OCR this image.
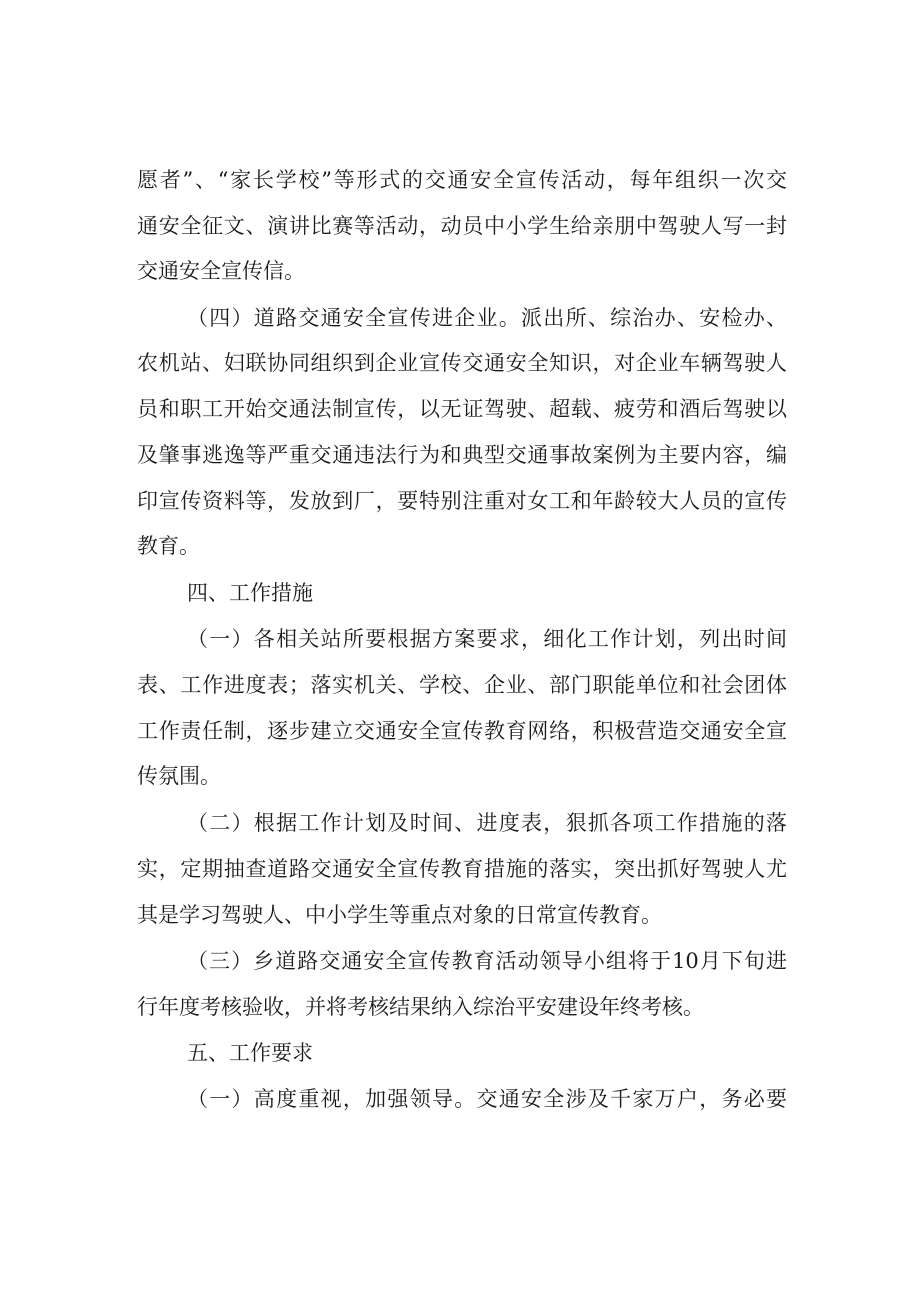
愿者”、“家长学校”等形式的交通安全宣传活动，每年组织一次交
通安全征文、演讲比赛等活动，动员中小学生给亲朋中驾驶人写一封
交通安全宣传信。
（四）道路交通安全宣传进企业。派出所、综治办、安检办、
农机站、妇联协同组织到企业宣传交通安全知识，对企业车辆驾驶人
员和职工开始交通法制宣传，以无证驾驶、超载、疲劳和酒后驾驶以
及肇事逃逸等严重交通违法行为和典型交通事故案例为主要内容，编
印宣传资料等，发放到厂，要特别注重对女工和年龄较大人员的宣传
教育。
四、工作措施
（一）各相关站所要根据方案要求，细化工作计划，列出时间
表、工作进度表；落实机关、学校、企业、部门职能单位和社会团体
工作责任制，逐步建立交通安全宣传教育网络，积极营造交通安全宣
传氛围。
（二）根据工作计划及时间、进度表，狠抓各项工作措施的落
实，定期抽查道路交通安全宣传教育措施的落实，突出抓好驾驶人尤
其是学习驾驶人、中小学生等重点对象的日常宣传教育。
（三）乡道路交通安全宣传教育活动领导小组将于10月下旬进
行年度考核验收，并将考核结果纳入综治平安建设年终考核。
五、工作要求
（一）高度重视，加强领导。交通安全涉及千家万户，务必要
